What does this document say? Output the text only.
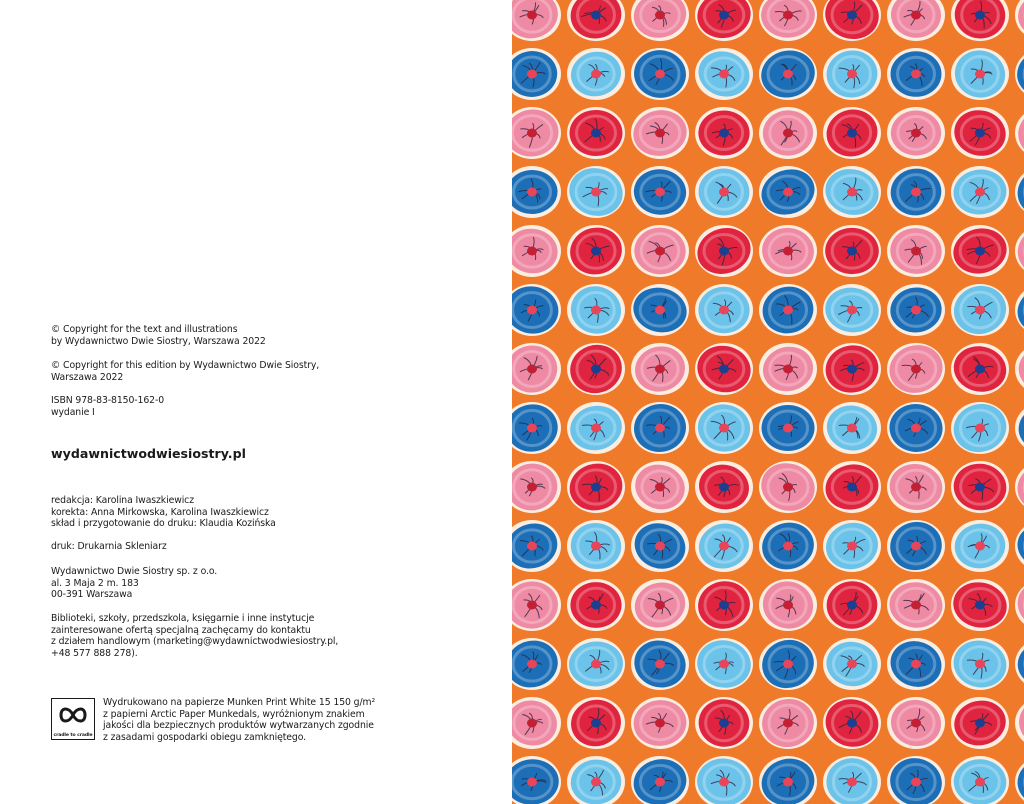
© Copyright for the text and illustrations
by Wydawnictwo Dwie Siostry, Warszawa 2022
© Copyright for this edition by Wydawnictwo Dwie Siostry,
Warszawa 2022
ISBN 978-83-8150-162-0
wydanie I

wydawnictwodwiesiostry.pl

redakcja: Karolina Iwaszkiewicz
korekta: Anna Mirkowska, Karolina Iwaszkiewicz
skład i przygotowanie do druku: Klaudia Kozińska

druk: Drukarnia Skleniarz

Wydawnictwo Dwie Siostry sp. z o.o.
al. 3 Maja 2 m. 183
00-391 Warszawa
Biblioteki, szkoły, przedszkola, księgarnie i inne instytucje
zainteresowane ofertą specjalną zachęcamy do kontaktu
z działem handlowym (marketing@wydawnictwodwiesiostry.pl,
+48 577 888 278).
cradle to cradle
Wydrukowano na papierze Munken Print White 15 150 g/m²
z papierni Arctic Paper Munkedals, wyróżnionym znakiem
jakości dla bezpiecznych produktów wytwarzanych zgodnie
z zasadami gospodarki obiegu zamkniętego.
